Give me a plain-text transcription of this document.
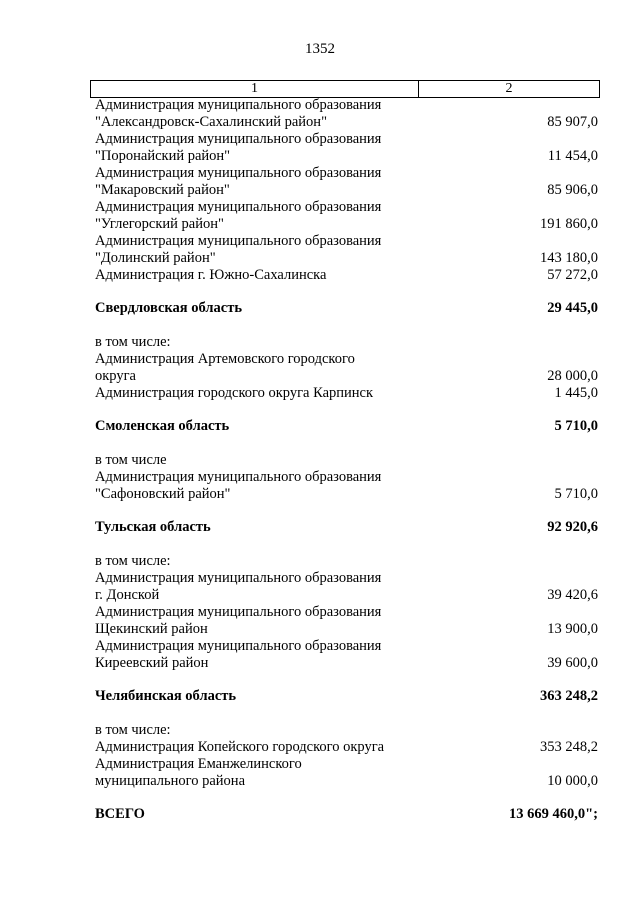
1352
1	2
Администрация муниципального образования
"Александровск-Сахалинский район"	85 907,0
Администрация муниципального образования
"Поронайский район"	11 454,0
Администрация муниципального образования
"Макаровский район"	85 906,0
Администрация муниципального образования
"Углегорский район"	191 860,0
Администрация муниципального образования
"Долинский район"	143 180,0
Администрация г. Южно-Сахалинска	57 272,0
Свердловская область	29 445,0
в том числе:
Администрация Артемовского городского
округа	28 000,0
Администрация городского округа Карпинск	1 445,0
Смоленская область	5 710,0
в том числе
Администрация муниципального образования
"Сафоновский район"	5 710,0
Тульская область	92 920,6
в том числе:
Администрация муниципального образования
г. Донской	39 420,6
Администрация муниципального образования
Щекинский район	13 900,0
Администрация муниципального образования
Киреевский район	39 600,0
Челябинская область	363 248,2
в том числе:
Администрация Копейского городского округа	353 248,2
Администрация Еманжелинского
муниципального района	10 000,0
ВСЕГО	13 669 460,0";
